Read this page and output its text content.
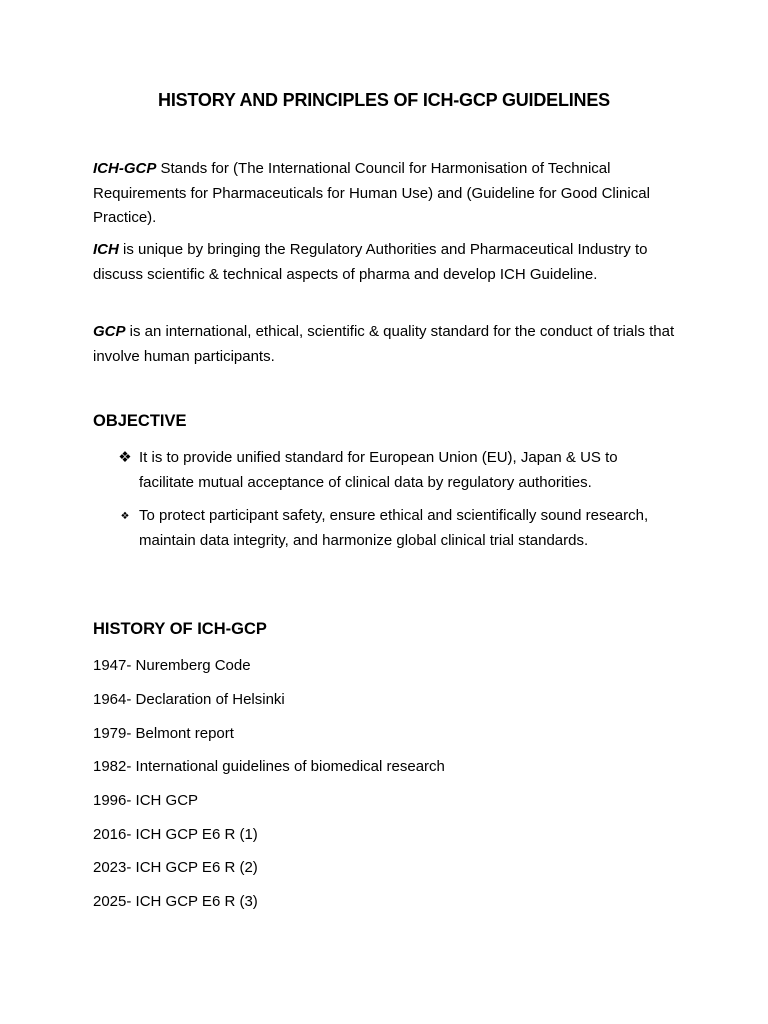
HISTORY AND PRINCIPLES OF ICH-GCP GUIDELINES
ICH-GCP Stands for (The International Council for Harmonisation of Technical Requirements for Pharmaceuticals for Human Use) and (Guideline for Good Clinical Practice).
ICH is unique by bringing the Regulatory Authorities and Pharmaceutical Industry to discuss scientific & technical aspects of pharma and develop ICH Guideline.
GCP is an international, ethical, scientific & quality standard for the conduct of trials that involve human participants.
OBJECTIVE
❖ It is to provide unified standard for European Union (EU), Japan & US to facilitate mutual acceptance of clinical data by regulatory authorities.
❖ To protect participant safety, ensure ethical and scientifically sound research, maintain data integrity, and harmonize global clinical trial standards.
HISTORY OF ICH-GCP
1947- Nuremberg Code
1964- Declaration of Helsinki
1979- Belmont report
1982- International guidelines of biomedical research
1996- ICH GCP
2016- ICH GCP E6 R (1)
2023- ICH GCP E6 R (2)
2025- ICH GCP E6 R (3)
